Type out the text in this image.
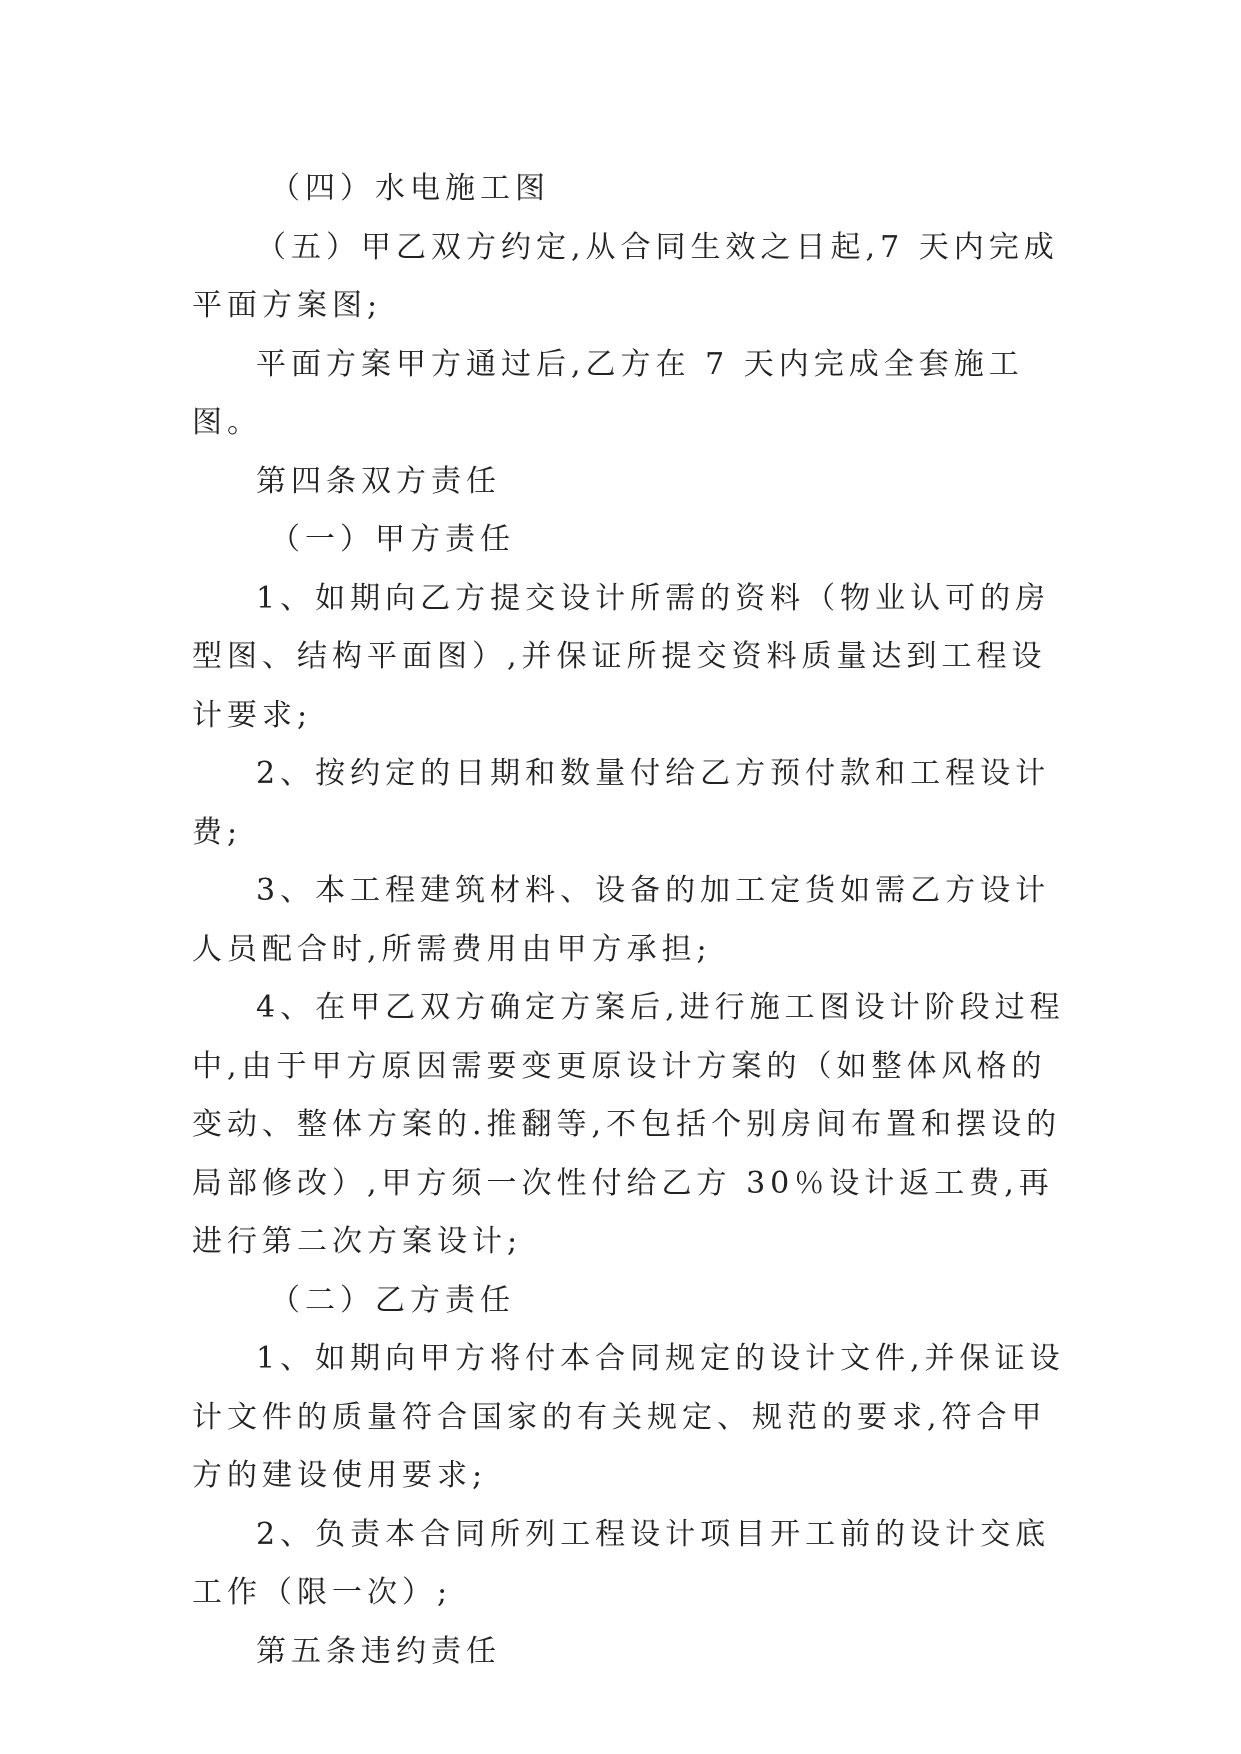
（四）水电施工图

（五）甲乙双方约定,从合同生效之日起,7 天内完成平面方案图;

平面方案甲方通过后,乙方在 7 天内完成全套施工图。

第四条双方责任

（一）甲方责任

1、如期向乙方提交设计所需的资料（物业认可的房型图、结构平面图）,并保证所提交资料质量达到工程设计要求;

2、按约定的日期和数量付给乙方预付款和工程设计费;

3、本工程建筑材料、设备的加工定货如需乙方设计人员配合时,所需费用由甲方承担;

4、在甲乙双方确定方案后,进行施工图设计阶段过程中,由于甲方原因需要变更原设计方案的（如整体风格的变动、整体方案的.推翻等,不包括个别房间布置和摆设的局部修改）,甲方须一次性付给乙方 30％设计返工费,再进行第二次方案设计;

（二）乙方责任

1、如期向甲方将付本合同规定的设计文件,并保证设计文件的质量符合国家的有关规定、规范的要求,符合甲方的建设使用要求;

2、负责本合同所列工程设计项目开工前的设计交底工作（限一次）;

第五条违约责任
